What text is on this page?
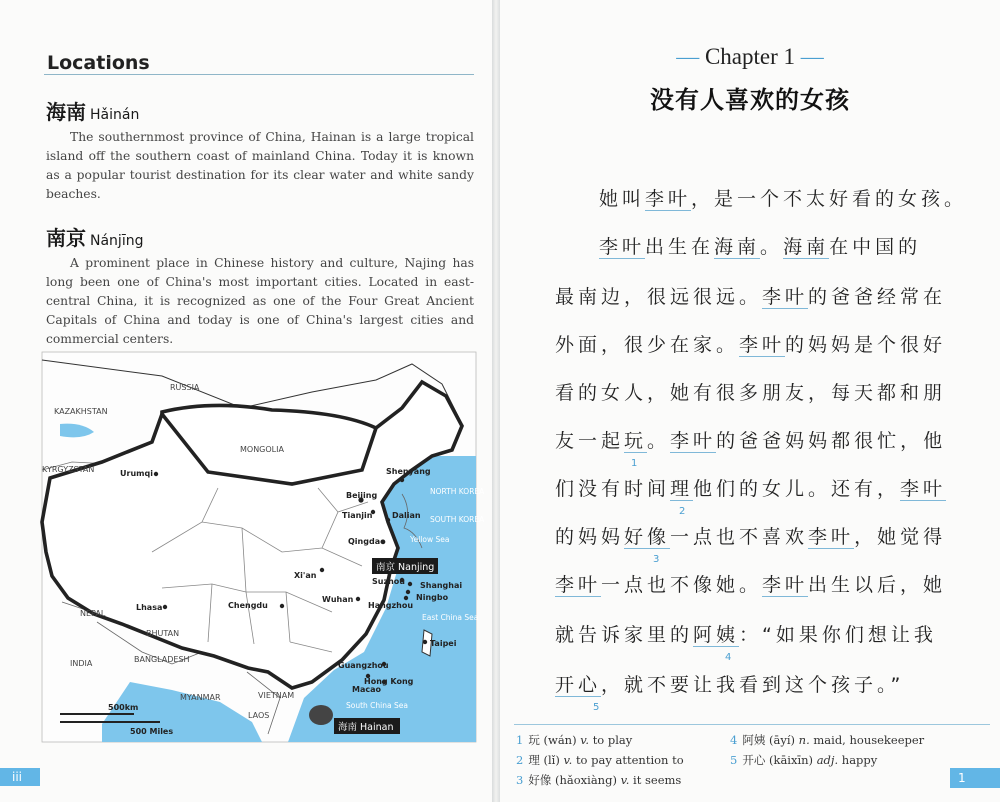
Locations
海南 Hǎinán
The southernmost province of China, Hainan is a large tropical island off the southern coast of mainland China. Today it is known as a popular tourist destination for its clear water and white sandy beaches.
南京 Nánjīng
A prominent place in Chinese history and culture, Najing has long been one of China's most important cities. Located in east-central China, it is recognized as one of the Four Great Ancient Capitals of China and today is one of China's largest cities and commercial centers.
RUSSIA
KAZAKHSTAN
KYRGYZSTAN
MONGOLIA
NEPAL
BHUTAN
BANGLADESH
INDIA
MYANMAR	VIETNAM
LAOS
NORTH KOREA
SOUTH KOREA
Yellow Sea
East China Sea
South China Sea
Urumqi	Shenyang
Beijing
Tianjin Dalian
Qingdao
Xi'an
Suzhou Shanghai
Ningbo
Hangzhou
Wuhan
Chengdu
Lhasa
Taipei
Guangzhou
Hong Kong
Macao
南京 Nanjing
海南 Hainan
500km
500 Miles
iii
— Chapter 1 —
没有人喜欢的女孩
她叫李叶，是一个不太好看的女孩。
李叶出生在海南。海南在中国的
最南边，很远很远。李叶的爸爸经常在
外面，很少在家。李叶的妈妈是个很好
看的女人，她有很多朋友，每天都和朋
友一起玩。李叶的爸爸妈妈都很忙，他
1
们没有时间理他们的女儿。还有，李叶
2
的妈妈好像一点也不喜欢李叶，她觉得
3
李叶一点也不像她。李叶出生以后，她
就告诉家里的阿姨：“如果你们想让我
4
开心，就不要让我看到这个孩子。”
5
1 玩 (wán) v. to play
2 理 (lǐ) v. to pay attention to
3 好像 (hǎoxiàng) v. it seems
4 阿姨 (āyí) n. maid, housekeeper
5 开心 (kāixīn) adj. happy
1
